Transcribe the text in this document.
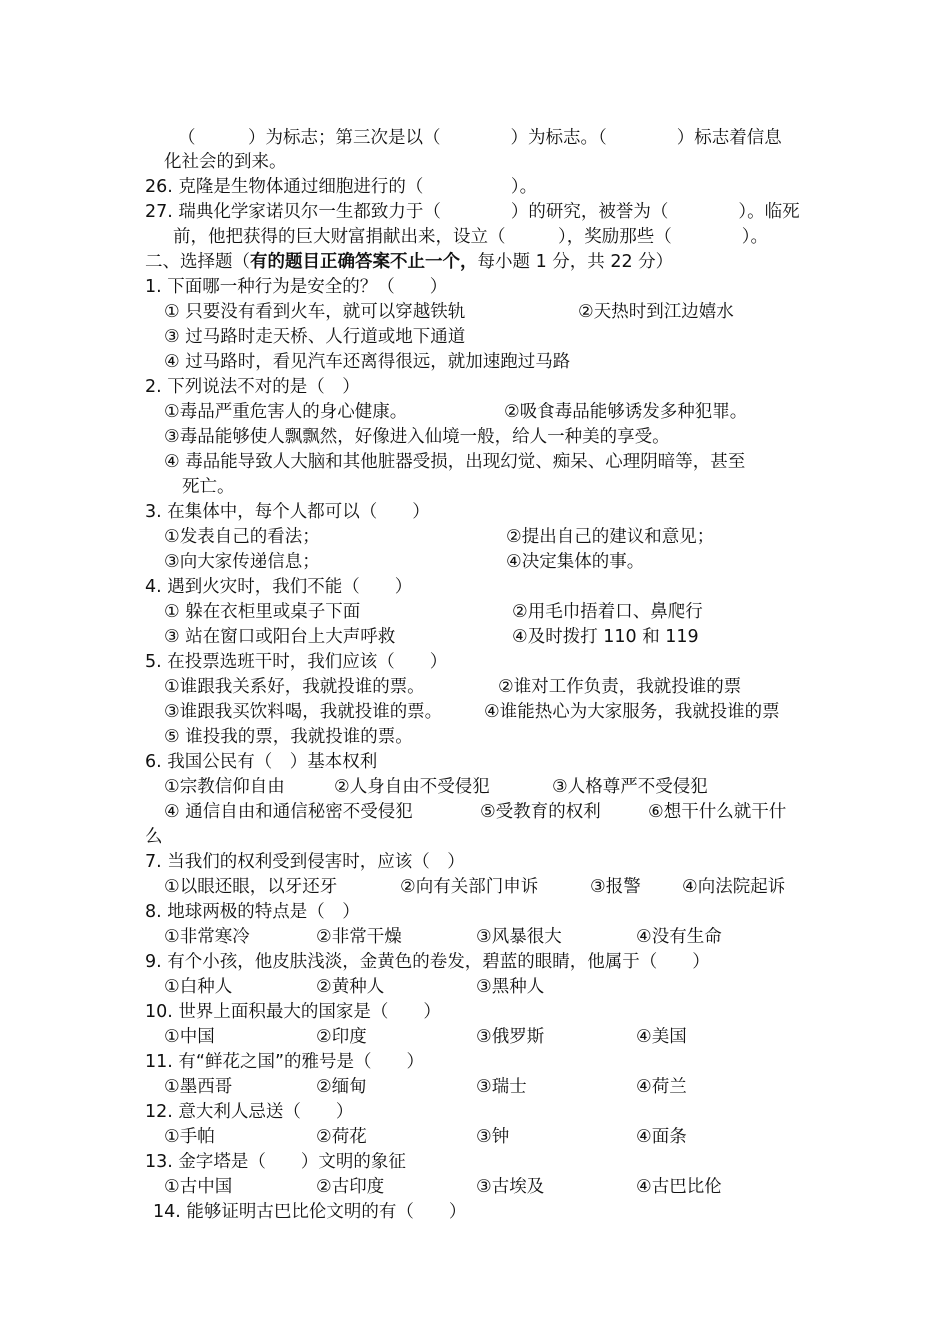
（　　　）为标志；第三次是以（　　　　）为标志。（　　　　）标志着信息
化社会的到来。
26. 克隆是生物体通过细胞进行的（　　　　　）。
27. 瑞典化学家诺贝尔一生都致力于（　　　　）的研究，被誉为（　　　　）。临死
前，他把获得的巨大财富捐献出来，设立（　　　），奖励那些（　　　　）。
二、选择题（有的题目正确答案不止一个，每小题 1 分，共 22 分）
1. 下面哪一种行为是安全的？（　　）
① 只要没有看到火车，就可以穿越铁轨	②天热时到江边嬉水
③ 过马路时走天桥、人行道或地下通道
④ 过马路时，看见汽车还离得很远，就加速跑过马路
2. 下列说法不对的是（　）
①毒品严重危害人的身心健康。	②吸食毒品能够诱发多种犯罪。
③毒品能够使人飘飘然，好像进入仙境一般，给人一种美的享受。
④ 毒品能导致人大脑和其他脏器受损，出现幻觉、痴呆、心理阴暗等，甚至
死亡。
3. 在集体中，每个人都可以（　　）
①发表自己的看法；	②提出自己的建议和意见；
③向大家传递信息；	④决定集体的事。
4. 遇到火灾时，我们不能（　　）
① 躲在衣柜里或桌子下面	②用毛巾捂着口、鼻爬行
③ 站在窗口或阳台上大声呼救	④及时拨打 110 和 119
5. 在投票选班干时，我们应该（　　）
①谁跟我关系好，我就投谁的票。	②谁对工作负责，我就投谁的票
③谁跟我买饮料喝，我就投谁的票。 ④谁能热心为大家服务，我就投谁的票
⑤ 谁投我的票，我就投谁的票。
6. 我国公民有（　）基本权利
①宗教信仰自由	②人身自由不受侵犯	③人格尊严不受侵犯
④ 通信自由和通信秘密不受侵犯	⑤受教育的权利	⑥想干什么就干什
么
7. 当我们的权利受到侵害时，应该（　）
①以眼还眼，以牙还牙	②向有关部门申诉	③报警 ④向法院起诉
8. 地球两极的特点是（　）
①非常寒冷	②非常干燥	③风暴很大	④没有生命
9. 有个小孩，他皮肤浅淡，金黄色的卷发，碧蓝的眼睛，他属于（　　）
①白种人	②黄种人	③黑种人
10. 世界上面积最大的国家是（　　）
①中国	②印度	③俄罗斯	④美国
11. 有“鲜花之国”的雅号是（　　）
①墨西哥	②缅甸	③瑞士	④荷兰
12. 意大利人忌送（　　）
①手帕	②荷花	③钟	④面条
13. 金字塔是（　　）文明的象征
①古中国	②古印度	③古埃及	④古巴比伦
14. 能够证明古巴比伦文明的有（　　）
